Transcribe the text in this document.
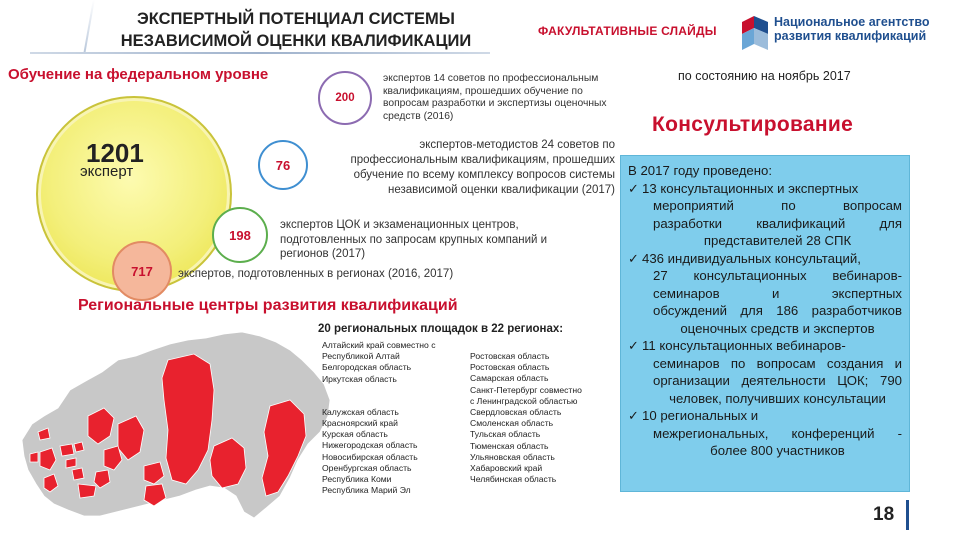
ЭКСПЕРТНЫЙ ПОТЕНЦИАЛ СИСТЕМЫ
НЕЗАВИСИМОЙ ОЦЕНКИ КВАЛИФИКАЦИИ
ФАКУЛЬТАТИВНЫЕ СЛАЙДЫ
Национальное агентство
развития квалификаций
Обучение на федеральном уровне
1201
эксперт
200
экспертов 14 советов по профессиональным квалификациям, прошедших обучение по вопросам разработки и экспертизы оценочных средств (2016)
76
экспертов-методистов 24 советов по профессиональным квалификациям, прошедших обучение по всему комплексу вопросов системы независимой оценки квалификации (2017)
198
экспертов ЦОК и экзаменационных центров, подготовленных по запросам крупных компаний и регионов (2017)
717	экспертов, подготовленных в регионах (2016, 2017)
Региональные центры развития квалификаций
20 региональных площадок в 22 регионах:
Алтайский край совместно с
Республикой Алтай
Белгородская область
Иркутская область
Калужская область
Красноярский край
Курская область
Нижегородская область
Новосибирская область
Оренбургская область
Республика Коми
Республика Марий Эл
Ростовская область
Ростовская область
Самарская область
Санкт-Петербург совместно
с Ленинградской областью
Свердловская область
Смоленская область
Тульская область
Тюменская область
Ульяновская область
Хабаровский край
Челябинская область
по состоянию на ноябрь 2017
Консультирование
В 2017 году проведено:
✓ 13 консультационных и экспертных
мероприятий по вопросам
разработки квалификаций для
представителей 28 СПК
✓ 436 индивидуальных консультаций,
27 консультационных вебинаров-
семинаров и экспертных
обсуждений для 186 разработчиков
оценочных средств и экспертов
✓ 11 консультационных вебинаров-
семинаров по вопросам создания и
организации деятельности ЦОК; 790
человек, получивших консультации
✓ 10 региональных и
межрегиональных, конференций -
более 800 участников
18
